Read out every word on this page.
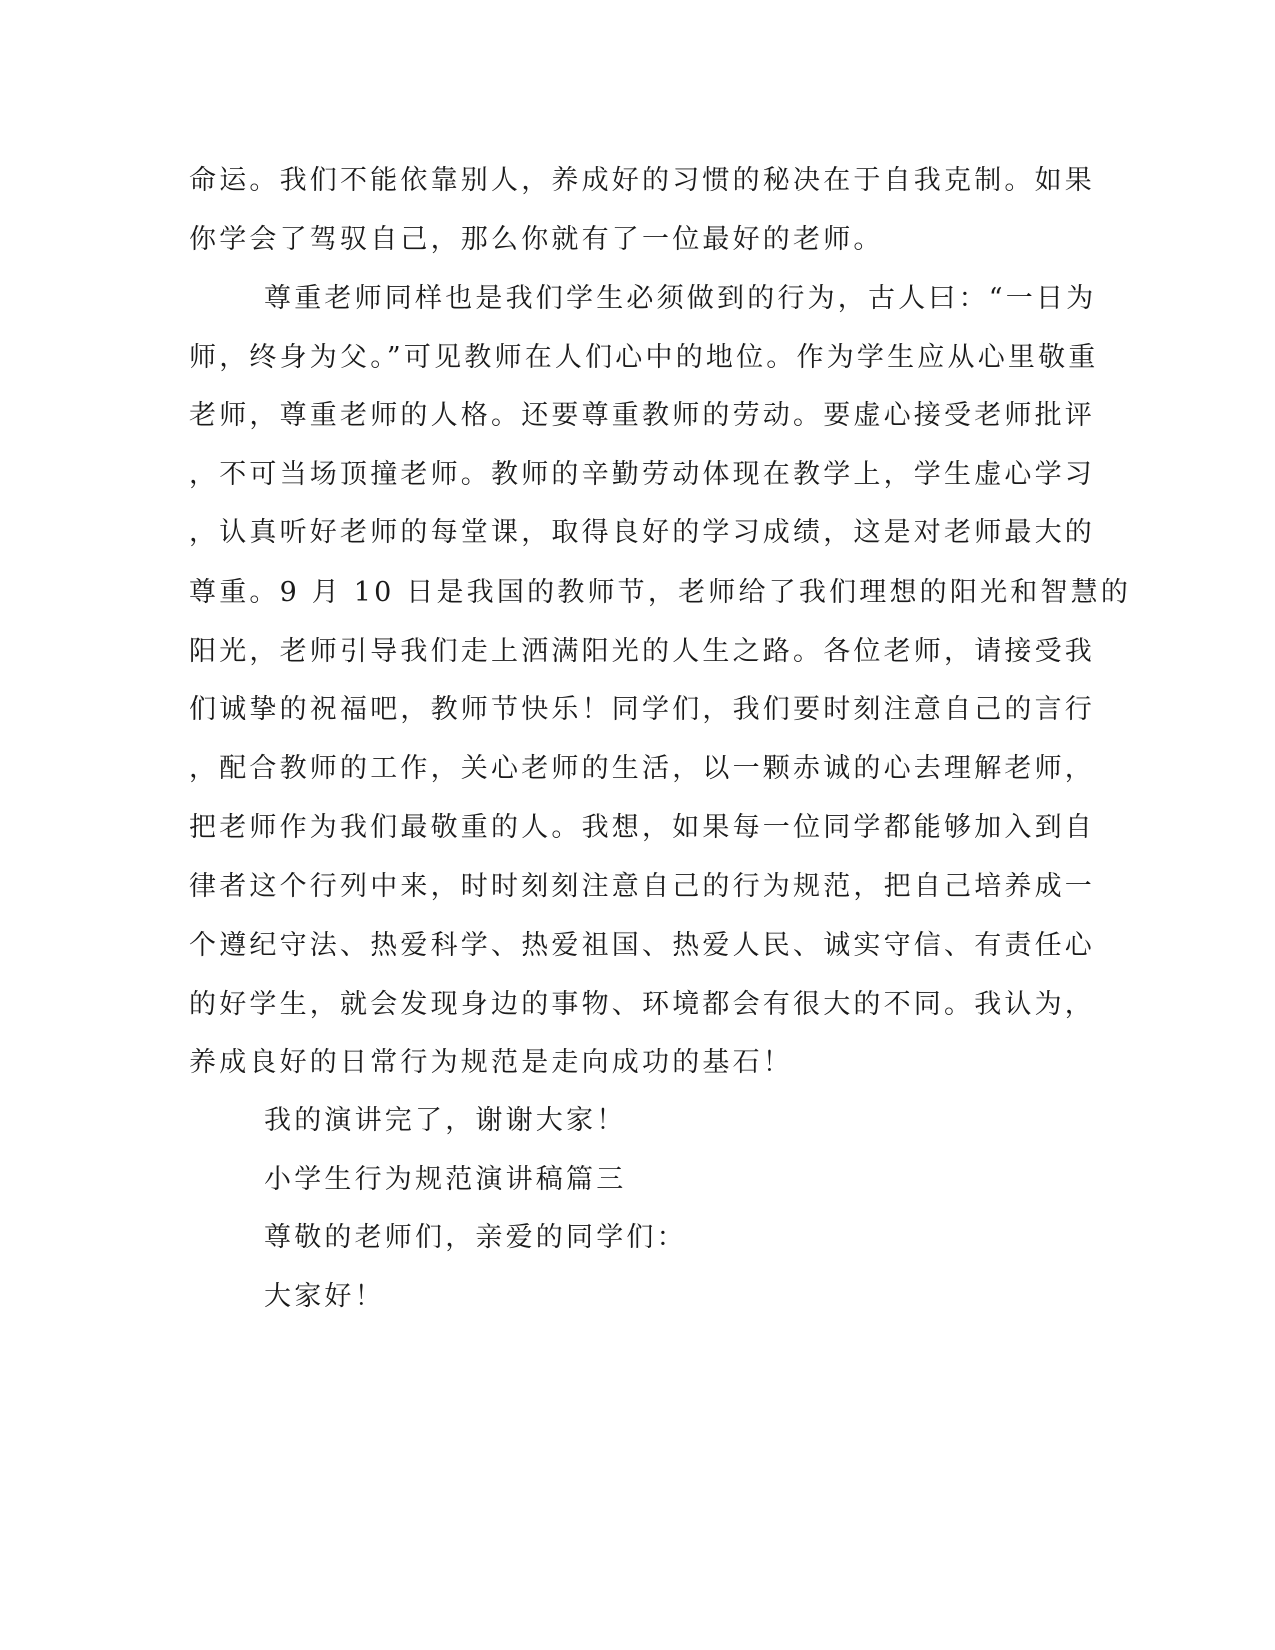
命运。我们不能依靠别人，养成好的习惯的秘决在于自我克制。如果
你学会了驾驭自己，那么你就有了一位最好的老师。
尊重老师同样也是我们学生必须做到的行为，古人曰：“一日为
师，终身为父。”可见教师在人们心中的地位。作为学生应从心里敬重
老师，尊重老师的人格。还要尊重教师的劳动。要虚心接受老师批评
，不可当场顶撞老师。教师的辛勤劳动体现在教学上，学生虚心学习
，认真听好老师的每堂课，取得良好的学习成绩，这是对老师最大的
尊重。9 月 10 日是我国的教师节，老师给了我们理想的阳光和智慧的
阳光，老师引导我们走上洒满阳光的人生之路。各位老师，请接受我
们诚挚的祝福吧，教师节快乐！同学们，我们要时刻注意自己的言行
，配合教师的工作，关心老师的生活，以一颗赤诚的心去理解老师，
把老师作为我们最敬重的人。我想，如果每一位同学都能够加入到自
律者这个行列中来，时时刻刻注意自己的行为规范，把自己培养成一
个遵纪守法、热爱科学、热爱祖国、热爱人民、诚实守信、有责任心
的好学生，就会发现身边的事物、环境都会有很大的不同。我认为，
养成良好的日常行为规范是走向成功的基石！
我的演讲完了，谢谢大家！
小学生行为规范演讲稿篇三
尊敬的老师们，亲爱的同学们：
大家好！
